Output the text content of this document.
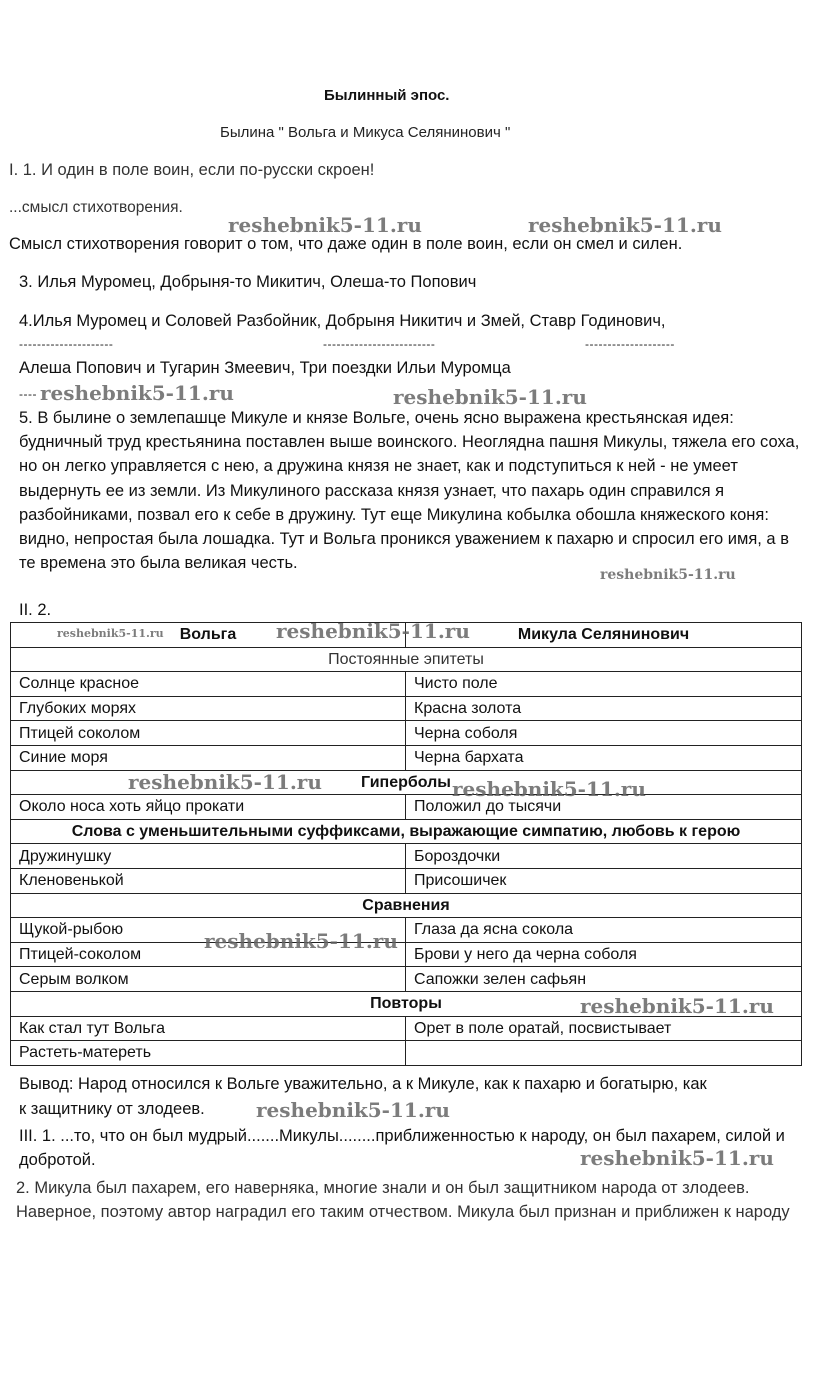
Былинный эпос.
Былина " Вольга и Микуса Селянинович "
I. 1. И один в поле воин, если по-русски скроен!
...смысл стихотворения.
Смысл стихотворения говорит о том, что даже один в поле воин, если он смел и силен.
3. Илья Муромец, Добрыня-то Микитич, Олеша-то Попович
4.Илья Муромец и Соловей Разбойник, Добрыня Никитич и Змей, Ставр Годинович,
---------------------	-------------------------	--------------------
Алеша Попович и Тугарин Змеевич, Три поездки Ильи Муромца
----
5. В былине о землепашце Микуле и князе Вольге, очень ясно выражена крестьянская идея: будничный труд крестьянина поставлен выше воинского. Неоглядна пашня Микулы, тяжела его соха, но он легко управляется с нею, а дружина князя не знает, как и подступиться к ней - не умеет выдернуть ее из земли. Из Микулиного рассказа князя узнает, что пахарь один справился я разбойниками, позвал его к себе в дружину. Тут еще Микулина кобылка обошла княжеского коня: видно, непростая была лошадка. Тут и Вольга проникся уважением к пахарю и спросил его имя, а в те времена это была великая честь.
II. 2.
Вольга	Микула Селянинович
Постоянные эпитеты	
Солнце красное	Чисто поле
Глубоких морях	Красна золота
Птицей соколом	Черна соболя
Синие моря	Черна бархата
Гиперболы	
Около носа хоть яйцо прокати	Положил до тысячи
Слова с уменьшительными суффиксами, выражающие симпатию, любовь к герою	
Дружинушку	Бороздочки
Кленовенькой	Присошичек
Сравнения	
Щукой-рыбою	Глаза да ясна сокола
Птицей-соколом	Брови у него да черна соболя
Серым волком	Сапожки зелен сафьян
Повторы	
Как стал тут Вольга	Орет в поле оратай, посвистывает
Растеть-матереть	
Вывод: Народ относился к Вольге уважительно, а к Микуле, как к пахарю и богатырю, как
к защитнику от злодеев.
III. 1. ...то, что он был мудрый.......Микулы........приближенностью к народу, он был пахарем, силой и добротой.
2. Микула был пахарем, его наверняка, многие знали и он был защитником народа от злодеев. Наверное, поэтому автор наградил его таким отчеством. Микула был признан и приближен к народу
reshebnik5-11.ru	reshebnik5-11.ru
reshebnik5-11.ru	reshebnik5-11.ru
reshebnik5-11.ru
reshebnik5-11.ru	reshebnik5-11.ru
reshebnik5-11.ru	reshebnik5-11.ru
reshebnik5-11.ru
reshebnik5-11.ru
reshebnik5-11.ru
reshebnik5-11.ru
